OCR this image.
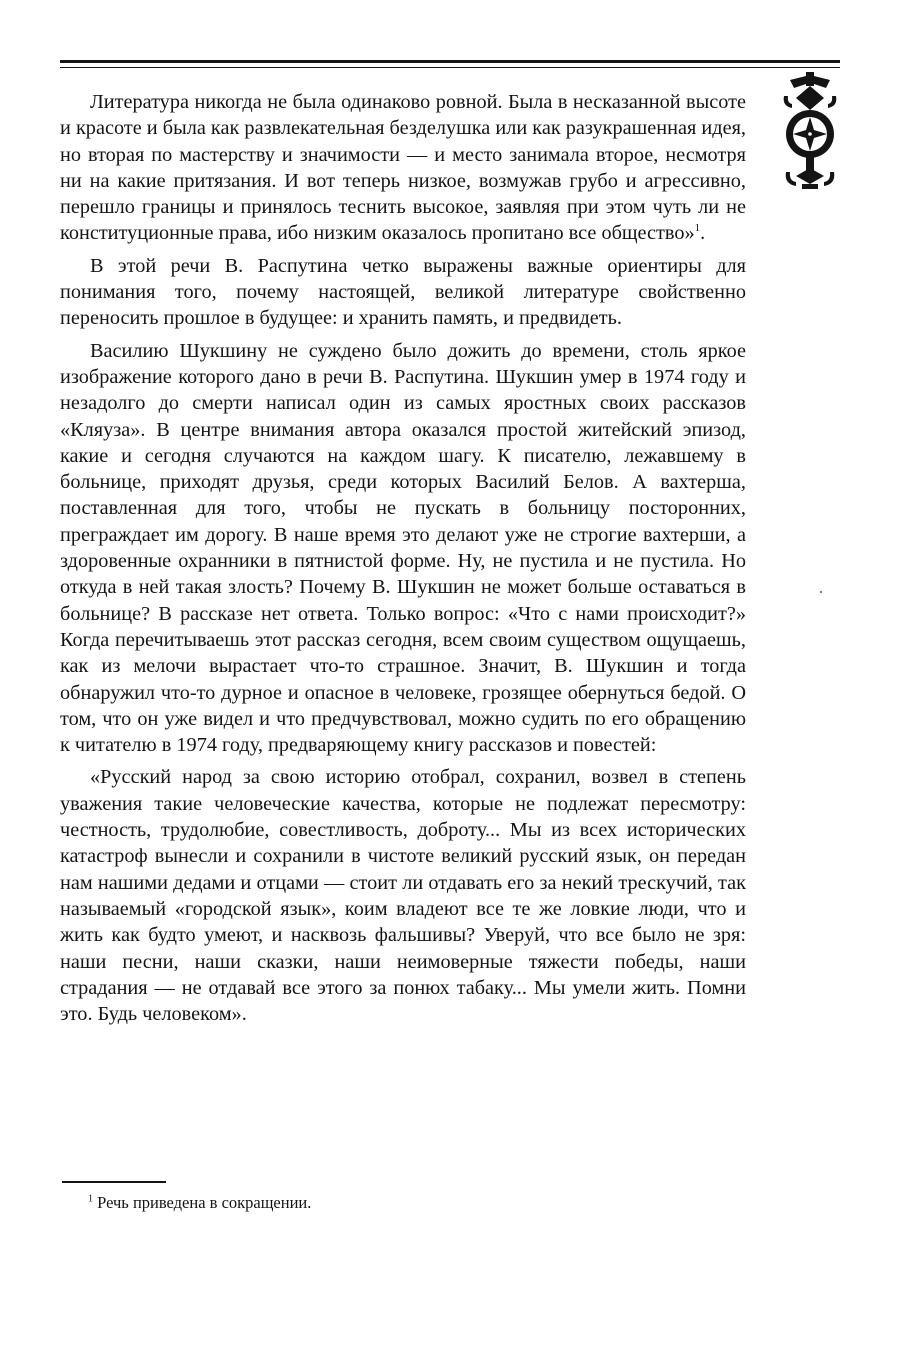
Литература никогда не была одинаково ровной. Была в несказанной высоте и красоте и была как развлекательная безделушка или как разукрашенная идея, но вторая по мастерству и значимости — и место занимала второе, несмотря ни на какие притязания. И вот теперь низкое, возмужав грубо и агрессивно, перешло границы и принялось теснить высокое, заявляя при этом чуть ли не конституционные права, ибо низким оказалось пропитано все общество»$^1$.

В этой речи В. Распутина четко выражены важные ориентиры для понимания того, почему настоящей, великой литературе свойственно переносить прошлое в будущее: и хранить память, и предвидеть.

Василию Шукшину не суждено было дожить до времени, столь яркое изображение которого дано в речи В. Распутина. Шукшин умер в 1974 году и незадолго до смерти написал один из самых яростных своих рассказов «Кляуза». В центре внимания автора оказался простой житейский эпизод, какие и сегодня случаются на каждом шагу. К писателю, лежавшему в больнице, приходят друзья, среди которых Василий Белов. А вахтерша, поставленная для того, чтобы не пускать в больницу посторонних, преграждает им дорогу. В наше время это делают уже не строгие вахтерши, а здоровенные охранники в пятнистой форме. Ну, не пустила и не пустила. Но откуда в ней такая злость? Почему В. Шукшин не может больше оставаться в больнице? В рассказе нет ответа. Только вопрос: «Что с нами происходит?» Когда перечитываешь этот рассказ сегодня, всем своим существом ощущаешь, как из мелочи вырастает что-то страшное. Значит, В. Шукшин и тогда обнаружил что-то дурное и опасное в человеке, грозящее обернуться бедой. О том, что он уже видел и что предчувствовал, можно судить по его обращению к читателю в 1974 году, предваряющему книгу рассказов и повестей:

«Русский народ за свою историю отобрал, сохранил, возвел в степень уважения такие человеческие качества, которые не подлежат пересмотру: честность, трудолюбие, совестливость, доброту... Мы из всех исторических катастроф вынесли и сохранили в чистоте великий русский язык, он передан нам нашими дедами и отцами — стоит ли отдавать его за некий трескучий, так называемый «городской язык», коим владеют все те же ловкие люди, что и жить как будто умеют, и насквозь фальшивы? Уверуй, что все было не зря: наши песни, наши сказки, наши неимоверные тяжести победы, наши страдания — не отдавай все этого за понюх табаку... Мы умели жить. Помни это. Будь человеком».

$^1$ Речь приведена в сокращении.
